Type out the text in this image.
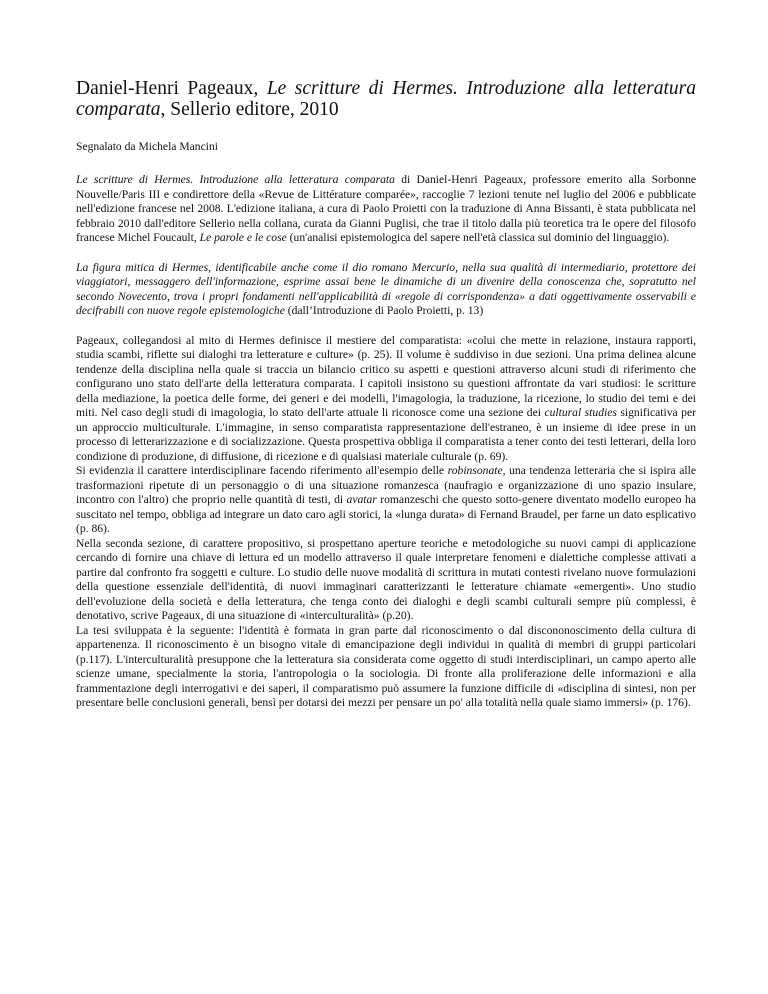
Daniel-Henri Pageaux, Le scritture di Hermes. Introduzione alla letteratura comparata, Sellerio editore, 2010

Segnalato da Michela Mancini

Le scritture di Hermes. Introduzione alla letteratura comparata di Daniel-Henri Pageaux, professore emerito alla Sorbonne Nouvelle/Paris III e condirettore della «Revue de Littérature comparée», raccoglie 7 lezioni tenute nel luglio del 2006 e pubblicate nell'edizione francese nel 2008. L'edizione italiana, a cura di Paolo Proietti con la traduzione di Anna Bissanti, è stata pubblicata nel febbraio 2010 dall'editore Sellerio nella collana, curata da Gianni Puglisi, che trae il titolo dalla più teoretica tra le opere del filosofo francese Michel Foucault, Le parole e le cose (un'analisi epistemologica del sapere nell'età classica sul dominio del linguaggio).

La figura mitica di Hermes, identificabile anche come il dio romano Mercurio, nella sua qualità di intermediario, protettore dei viaggiatori, messaggero dell'informazione, esprime assai bene le dinamiche di un divenire della conoscenza che, sopratutto nel secondo Novecento, trova i propri fondamenti nell'applicabilità di «regole di corrispondenza» a dati oggettivamente osservabili e decifrabili con nuove regole epistemologiche (dall’Introduzione di Paolo Proietti, p. 13)

Pageaux, collegandosi al mito di Hermes definisce il mestiere del comparatista: «colui che mette in relazione, instaura rapporti, studia scambi, riflette sui dialoghi tra letterature e culture» (p. 25). Il volume è suddiviso in due sezioni. Una prima delinea alcune tendenze della disciplina nella quale si traccia un bilancio critico su aspetti e questioni attraverso alcuni studi di riferimento che configurano uno stato dell'arte della letteratura comparata. I capitoli insistono su questioni affrontate da vari studiosi: le scritture della mediazione, la poetica delle forme, dei generi e dei modelli, l'imagologia, la traduzione, la ricezione, lo studio dei temi e dei miti. Nel caso degli studi di imagologia, lo stato dell'arte attuale li riconosce come una sezione dei cultural studies significativa per un approccio multiculturale. L'immagine, in senso comparatista rappresentazione dell'estraneo, è un insieme di idee prese in un processo di letterarizzazione e di socializzazione. Questa prospettiva obbliga il comparatista a tener conto dei testi letterari, della loro condizione di produzione, di diffusione, di ricezione e di qualsiasi materiale culturale (p. 69).

Si evidenzia il carattere interdisciplinare facendo riferimento all'esempio delle robinsonate, una tendenza letteraria che si ispira alle trasformazioni ripetute di un personaggio o di una situazione romanzesca (naufragio e organizzazione di uno spazio insulare, incontro con l'altro) che proprio nelle quantità di testi, di avatar romanzeschi che questo sotto-genere diventato modello europeo ha suscitato nel tempo, obbliga ad integrare un dato caro agli storici, la «lunga durata» di Fernand Braudel, per farne un dato esplicativo (p. 86).

Nella seconda sezione, di carattere propositivo, si prospettano aperture teoriche e metodologiche su nuovi campi di applicazione cercando di fornire una chiave di lettura ed un modello attraverso il quale interpretare fenomeni e dialettiche complesse attivati a partire dal confronto fra soggetti e culture. Lo studio delle nuove modalità di scrittura in mutati contesti rivelano nuove formulazioni della questione essenziale dell'identità, di nuovi immaginari caratterizzanti le letterature chiamate «emergenti». Uno studio dell'evoluzione della società e della letteratura, che tenga conto dei dialoghi e degli scambi culturali sempre più complessi, è denotativo, scrive Pageaux, di una situazione di «interculturalità» (p.20).

La tesi sviluppata è la seguente: l'identità è formata in gran parte dal riconoscimento o dal discononoscimento della cultura di appartenenza. Il riconoscimento è un bisogno vitale di emancipazione degli individui in qualità di membri di gruppi particolari (p.117). L'interculturalità presuppone che la letteratura sia considerata come oggetto di studi interdisciplinari, un campo aperto alle scienze umane, specialmente la storia, l'antropologia o la sociologia. Di fronte alla proliferazione delle informazioni e alla frammentazione degli interrogativi e dei saperi, il comparatismo può assumere la funzione difficile di «disciplina di sintesi, non per presentare belle conclusioni generali, bensì per dotarsi dei mezzi per pensare un po' alla totalità nella quale siamo immersi» (p. 176).
